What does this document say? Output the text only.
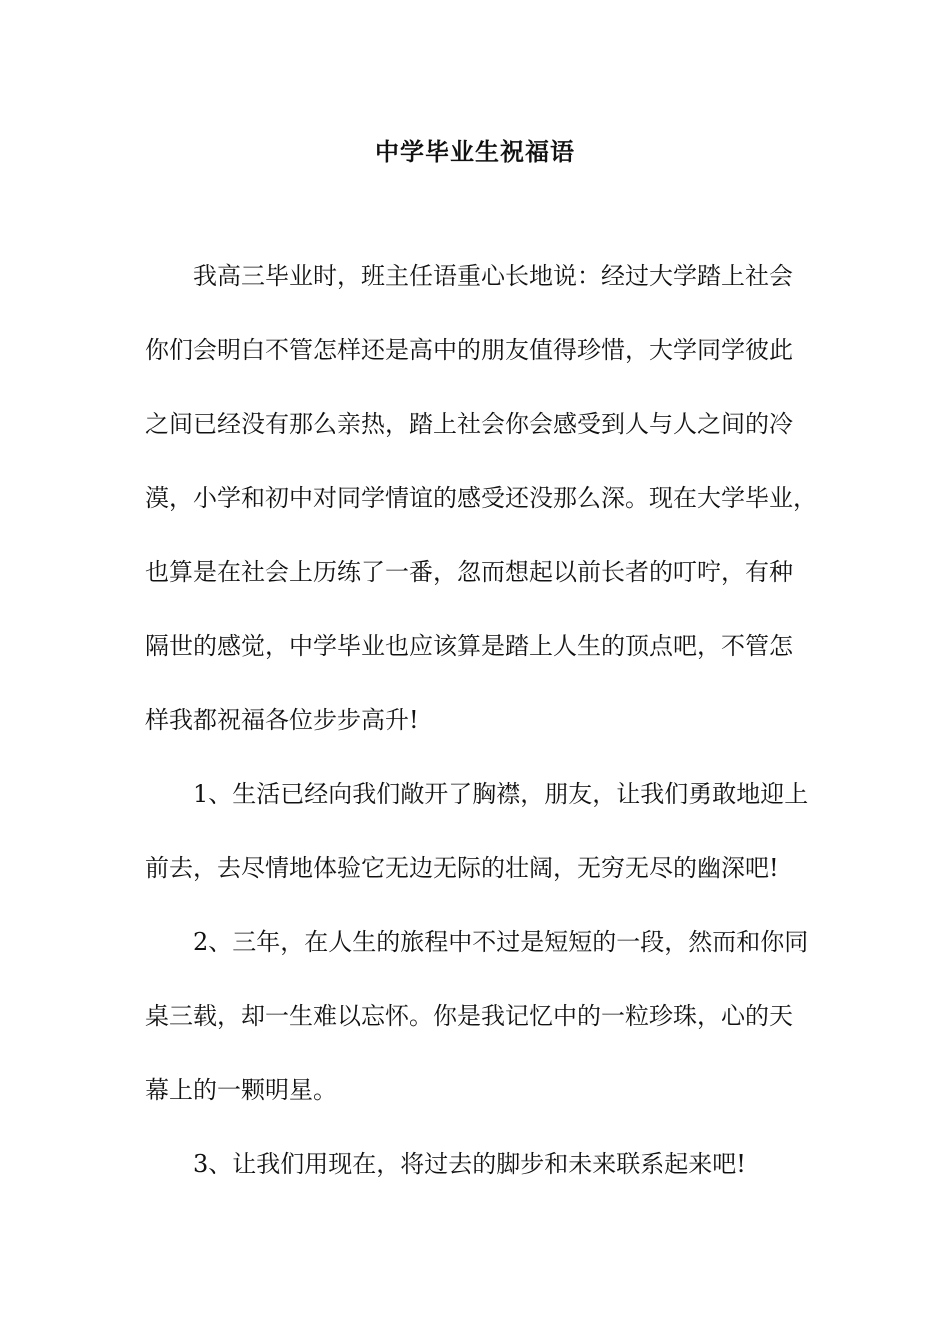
中学毕业生祝福语

我高三毕业时，班主任语重心长地说：经过大学踏上社会

你们会明白不管怎样还是高中的朋友值得珍惜，大学同学彼此

之间已经没有那么亲热，踏上社会你会感受到人与人之间的冷

漠，小学和初中对同学情谊的感受还没那么深。现在大学毕业，

也算是在社会上历练了一番，忽而想起以前长者的叮咛，有种

隔世的感觉，中学毕业也应该算是踏上人生的顶点吧，不管怎

样我都祝福各位步步高升!

1、生活已经向我们敞开了胸襟，朋友，让我们勇敢地迎上

前去，去尽情地体验它无边无际的壮阔，无穷无尽的幽深吧!

2、三年，在人生的旅程中不过是短短的一段，然而和你同

桌三载，却一生难以忘怀。你是我记忆中的一粒珍珠，心的天

幕上的一颗明星。

3、让我们用现在，将过去的脚步和未来联系起来吧!
